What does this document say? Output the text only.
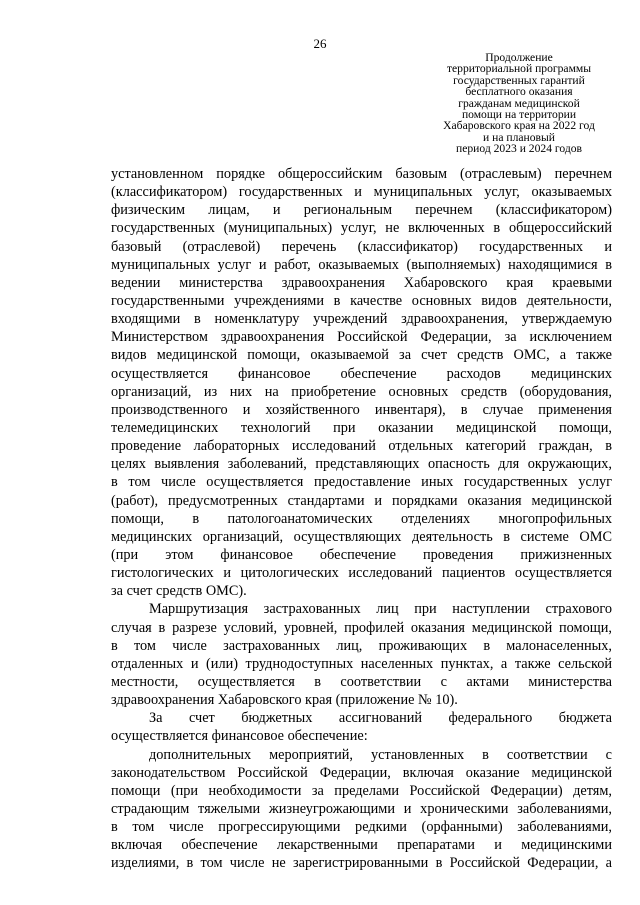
26
Продолжение
территориальной программы
государственных гарантий
бесплатного оказания
гражданам медицинской
помощи на территории
Хабаровского края на 2022 год
и на плановый
период 2023 и 2024 годов
установленном порядке общероссийским базовым (отраслевым) перечнем
(классификатором) государственных и муниципальных услуг, оказываемых
физическим лицам, и региональным перечнем (классификатором)
государственных (муниципальных) услуг, не включенных в общероссийский
базовый (отраслевой) перечень (классификатор) государственных и
муниципальных услуг и работ, оказываемых (выполняемых) находящимися в
ведении министерства здравоохранения Хабаровского края краевыми
государственными учреждениями в качестве основных видов деятельности,
входящими в номенклатуру учреждений здравоохранения, утверждаемую
Министерством здравоохранения Российской Федерации, за исключением
видов медицинской помощи, оказываемой за счет средств ОМС, а также
осуществляется финансовое обеспечение расходов медицинских
организаций, из них на приобретение основных средств (оборудования,
производственного и хозяйственного инвентаря), в случае применения
телемедицинских технологий при оказании медицинской помощи,
проведение лабораторных исследований отдельных категорий граждан, в
целях выявления заболеваний, представляющих опасность для окружающих,
в том числе осуществляется предоставление иных государственных услуг
(работ), предусмотренных стандартами и порядками оказания медицинской
помощи, в патологоанатомических отделениях многопрофильных
медицинских организаций, осуществляющих деятельность в системе ОМС
(при этом финансовое обеспечение проведения прижизненных
гистологических и цитологических исследований пациентов осуществляется
за счет средств ОМС).
Маршрутизация застрахованных лиц при наступлении страхового
случая в разрезе условий, уровней, профилей оказания медицинской помощи,
в том числе застрахованных лиц, проживающих в малонаселенных,
отдаленных и (или) труднодоступных населенных пунктах, а также сельской
местности, осуществляется в соответствии с актами министерства
здравоохранения Хабаровского края (приложение № 10).
За счет бюджетных ассигнований федерального бюджета
осуществляется финансовое обеспечение:
дополнительных мероприятий, установленных в соответствии с
законодательством Российской Федерации, включая оказание медицинской
помощи (при необходимости за пределами Российской Федерации) детям,
страдающим тяжелыми жизнеугрожающими и хроническими заболеваниями,
в том числе прогрессирующими редкими (орфанными) заболеваниями,
включая обеспечение лекарственными препаратами и медицинскими
изделиями, в том числе не зарегистрированными в Российской Федерации, а
